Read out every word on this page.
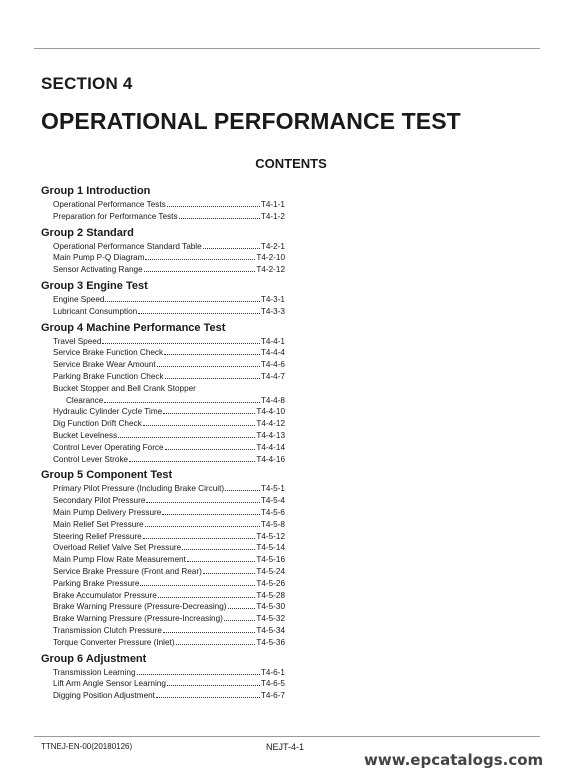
SECTION 4
OPERATIONAL PERFORMANCE TEST
CONTENTS
Group 1 Introduction
Operational Performance Tests	T4-1-1
Preparation for Performance Tests	T4-1-2
Group 2 Standard
Operational Performance Standard Table	T4-2-1
Main Pump P-Q Diagram	T4-2-10
Sensor Activating Range	T4-2-12
Group 3 Engine Test
Engine Speed	T4-3-1
Lubricant Consumption	T4-3-3
Group 4 Machine Performance Test
Travel Speed	T4-4-1
Service Brake Function Check	T4-4-4
Service Brake Wear Amount	T4-4-6
Parking Brake Function Check	T4-4-7
Bucket Stopper and Bell Crank Stopper
Clearance	T4-4-8
Hydraulic Cylinder Cycle Time	T4-4-10
Dig Function Drift Check	T4-4-12
Bucket Levelness	T4-4-13
Control Lever Operating Force	T4-4-14
Control Lever Stroke	T4-4-16
Group 5 Component Test
Primary Pilot Pressure (Including Brake Circuit)	T4-5-1
Secondary Pilot Pressure	T4-5-4
Main Pump Delivery Pressure	T4-5-6
Main Relief Set Pressure	T4-5-8
Steering Relief Pressure	T4-5-12
Overload Relief Valve Set Pressure	T4-5-14
Main Pump Flow Rate Measurement	T4-5-16
Service Brake Pressure (Front and Rear)	T4-5-24
Parking Brake Pressure	T4-5-26
Brake Accumulator Pressure	T4-5-28
Brake Warning Pressure (Pressure-Decreasing)	T4-5-30
Brake Warning Pressure (Pressure-Increasing)	T4-5-32
Transmission Clutch Pressure	T4-5-34
Torque Converter Pressure (Inlet)	T4-5-36
Group 6 Adjustment
Transmission Learning	T4-6-1
Lift Arm Angle Sensor Learning	T4-6-5
Digging Position Adjustment	T4-6-7
TTNEJ-EN-00(20180126)	NEJT-4-1
www.epcatalogs.com
